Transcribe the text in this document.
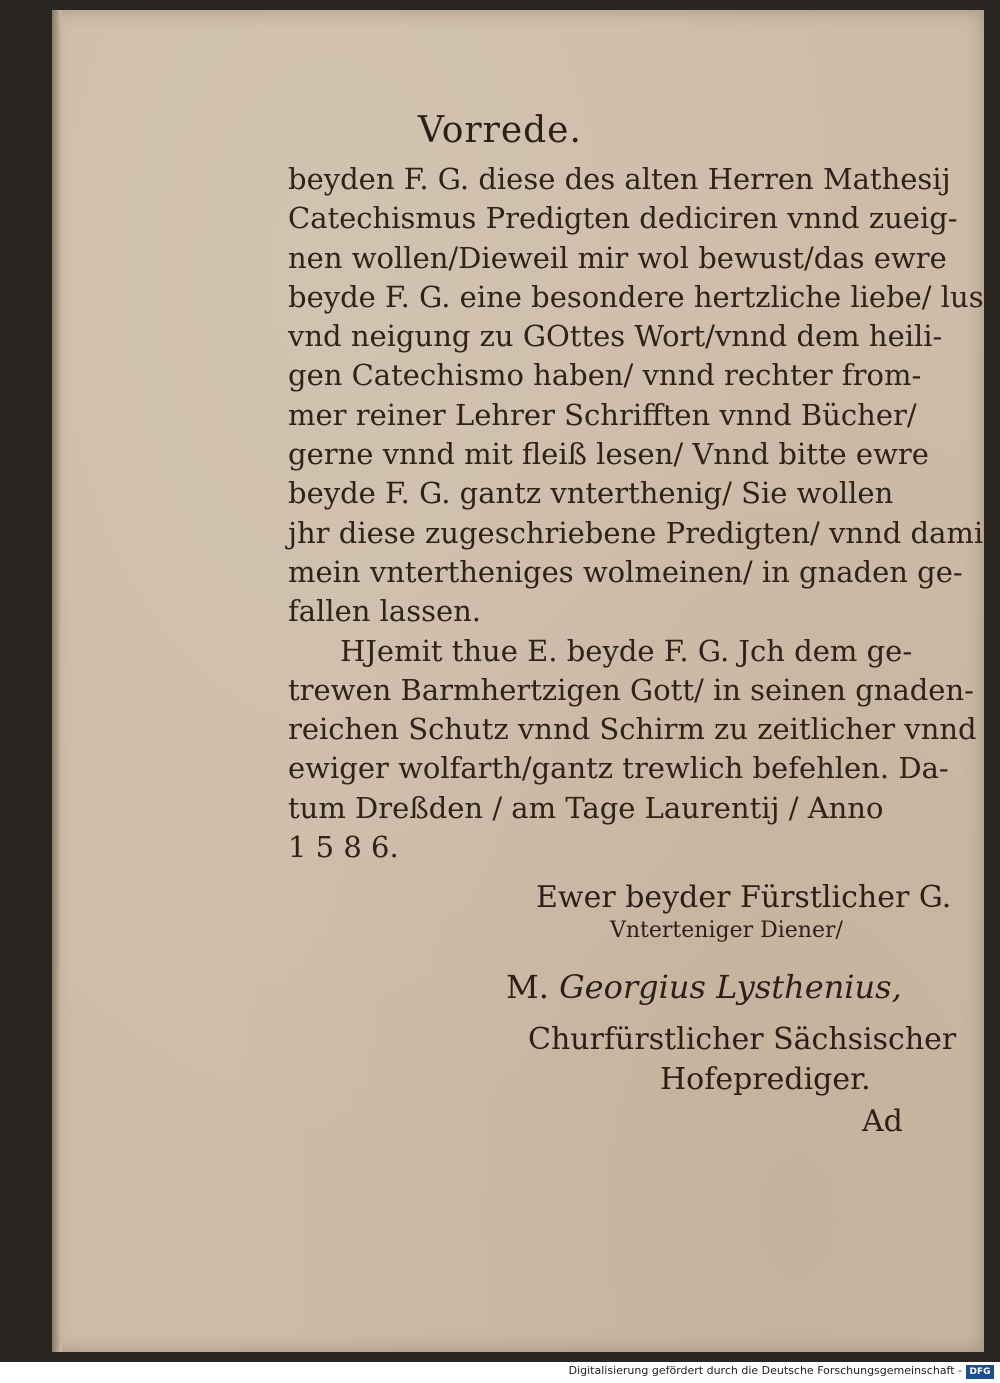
Vorrede.
beyden F. G. diese des alten Herren Mathesij
Catechismus Predigten dediciren vnnd zueig-
nen wollen/Dieweil mir wol bewust/das ewre
beyde F. G. eine besondere hertzliche liebe/ lust
vnd neigung zu GOttes Wort/vnnd dem heili-
gen Catechismo haben/ vnnd rechter from-
mer reiner Lehrer Schrifften vnnd Bücher/
gerne vnnd mit fleiß lesen/ Vnnd bitte ewre
beyde F. G. gantz vnterthenig/ Sie wollen
jhr diese zugeschriebene Predigten/ vnnd damit
mein vntertheniges wolmeinen/ in gnaden ge-
fallen lassen.
HJemit thue E. beyde F. G. Jch dem ge-
trewen Barmhertzigen Gott/ in seinen gnaden-
reichen Schutz vnnd Schirm zu zeitlicher vnnd
ewiger wolfarth/gantz trewlich befehlen. Da-
tum Dreßden / am Tage Laurentij / Anno
1 5 8 6.
Ewer beyder Fürstlicher G.
Vnterteniger Diener/
M. Georgius Lysthenius,
Churfürstlicher Sächsischer
Hofeprediger.
Ad
Digitalisierung gefördert durch die Deutsche Forschungsgemeinschaft - DFG
